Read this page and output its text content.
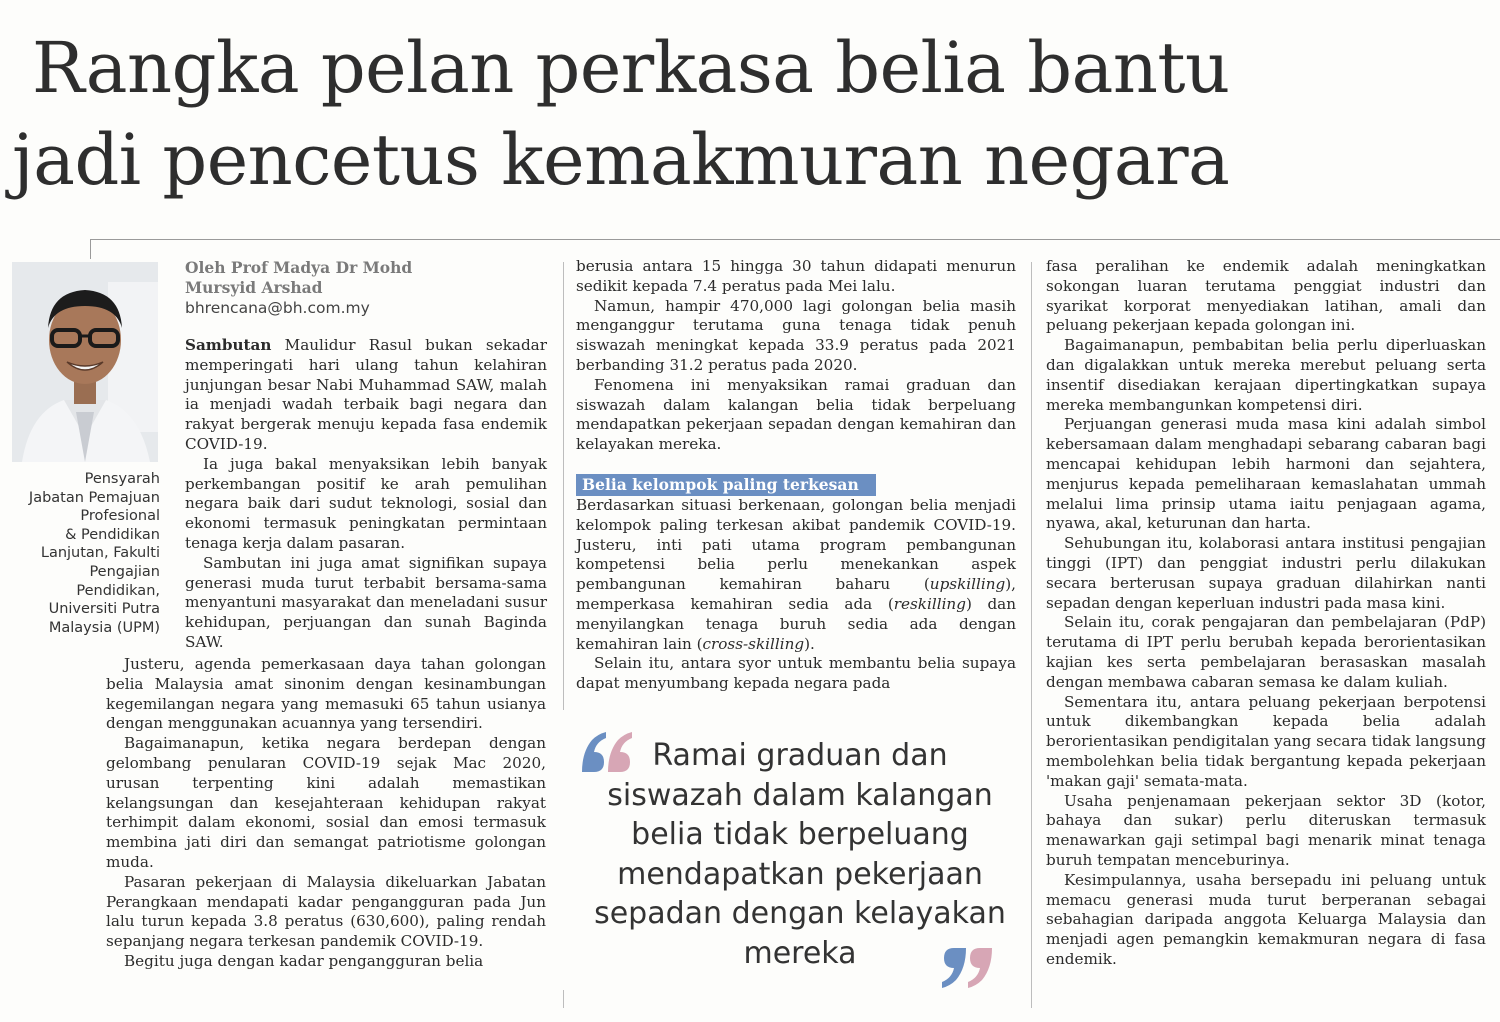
Rangka pelan perkasa belia bantu
jadi pencetus kemakmuran negara
Pensyarah
Jabatan Pemajuan
Profesional
& Pendidikan
Lanjutan, Fakulti
Pengajian
Pendidikan,
Universiti Putra
Malaysia (UPM)
Oleh Prof Madya Dr Mohd
Mursyid Arshad
bhrencana@bh.com.my

Sambutan Maulidur Rasul bukan sekadar memperingati hari ulang tahun kelahiran junjungan besar Nabi Muhammad SAW, malah ia menjadi wadah terbaik bagi negara dan rakyat bergerak menuju kepada fasa endemik COVID-19.

Ia juga bakal menyaksikan lebih banyak perkembangan positif ke arah pemulihan negara baik dari sudut teknologi, sosial dan ekonomi termasuk peningkatan permintaan tenaga kerja dalam pasaran.

Sambutan ini juga amat signifikan supaya generasi muda turut terbabit bersama-sama menyantuni masyarakat dan meneladani susur kehidupan, perjuangan dan sunah Baginda SAW.

Justeru, agenda pemerkasaan daya tahan golongan belia Malaysia amat sinonim dengan kesinambungan kegemilangan negara yang memasuki 65 tahun usianya dengan menggunakan acuannya yang tersendiri.

Bagaimanapun, ketika negara berdepan dengan gelombang penularan COVID-19 sejak Mac 2020, urusan terpenting kini adalah memastikan kelangsungan dan kesejahteraan kehidupan rakyat terhimpit dalam ekonomi, sosial dan emosi termasuk membina jati diri dan semangat patriotisme golongan muda.

Pasaran pekerjaan di Malaysia dikeluarkan Jabatan Perangkaan mendapati kadar pengangguran pada Jun lalu turun kepada 3.8 peratus (630,600), paling rendah sepanjang negara terkesan pandemik COVID-19.

Begitu juga dengan kadar pengangguran belia

berusia antara 15 hingga 30 tahun didapati menurun sedikit kepada 7.4 peratus pada Mei lalu.

Namun, hampir 470,000 lagi golongan belia masih menganggur terutama guna tenaga tidak penuh siswazah meningkat kepada 33.9 peratus pada 2021 berbanding 31.2 peratus pada 2020.

Fenomena ini menyaksikan ramai graduan dan siswazah dalam kalangan belia tidak berpeluang mendapatkan pekerjaan sepadan dengan kemahiran dan kelayakan mereka.

Belia kelompok paling terkesan

Berdasarkan situasi berkenaan, golongan belia menjadi kelompok paling terkesan akibat pandemik COVID-19. Justeru, inti pati utama program pembangunan kompetensi belia perlu menekankan aspek pembangunan kemahiran baharu (upskilling), memperkasa kemahiran sedia ada (reskilling) dan menyilangkan tenaga buruh sedia ada dengan kemahiran lain (cross-skilling).

Selain itu, antara syor untuk membantu belia supaya dapat menyumbang kepada negara pada

Ramai graduan dan siswazah dalam kalangan belia tidak berpeluang mendapatkan pekerjaan sepadan dengan kelayakan mereka

fasa peralihan ke endemik adalah meningkatkan sokongan luaran terutama penggiat industri dan syarikat korporat menyediakan latihan, amali dan peluang pekerjaan kepada golongan ini.

Bagaimanapun, pembabitan belia perlu diperluaskan dan digalakkan untuk mereka merebut peluang serta insentif disediakan kerajaan dipertingkatkan supaya mereka membangunkan kompetensi diri.

Perjuangan generasi muda masa kini adalah simbol kebersamaan dalam menghadapi sebarang cabaran bagi mencapai kehidupan lebih harmoni dan sejahtera, menjurus kepada pemeliharaan kemaslahatan ummah melalui lima prinsip utama iaitu penjagaan agama, nyawa, akal, keturunan dan harta.

Sehubungan itu, kolaborasi antara institusi pengajian tinggi (IPT) dan penggiat industri perlu dilakukan secara berterusan supaya graduan dilahirkan nanti sepadan dengan keperluan industri pada masa kini.

Selain itu, corak pengajaran dan pembelajaran (PdP) terutama di IPT perlu berubah kepada berorientasikan kajian kes serta pembelajaran berasaskan masalah dengan membawa cabaran semasa ke dalam kuliah.

Sementara itu, antara peluang pekerjaan berpotensi untuk dikembangkan kepada belia adalah berorientasikan pendigitalan yang secara tidak langsung membolehkan belia tidak bergantung kepada pekerjaan 'makan gaji' semata-mata.

Usaha penjenamaan pekerjaan sektor 3D (kotor, bahaya dan sukar) perlu diteruskan termasuk menawarkan gaji setimpal bagi menarik minat tenaga buruh tempatan menceburinya.

Kesimpulannya, usaha bersepadu ini peluang untuk memacu generasi muda turut berperanan sebagai sebahagian daripada anggota Keluarga Malaysia dan menjadi agen pemangkin kemakmuran negara di fasa endemik.
